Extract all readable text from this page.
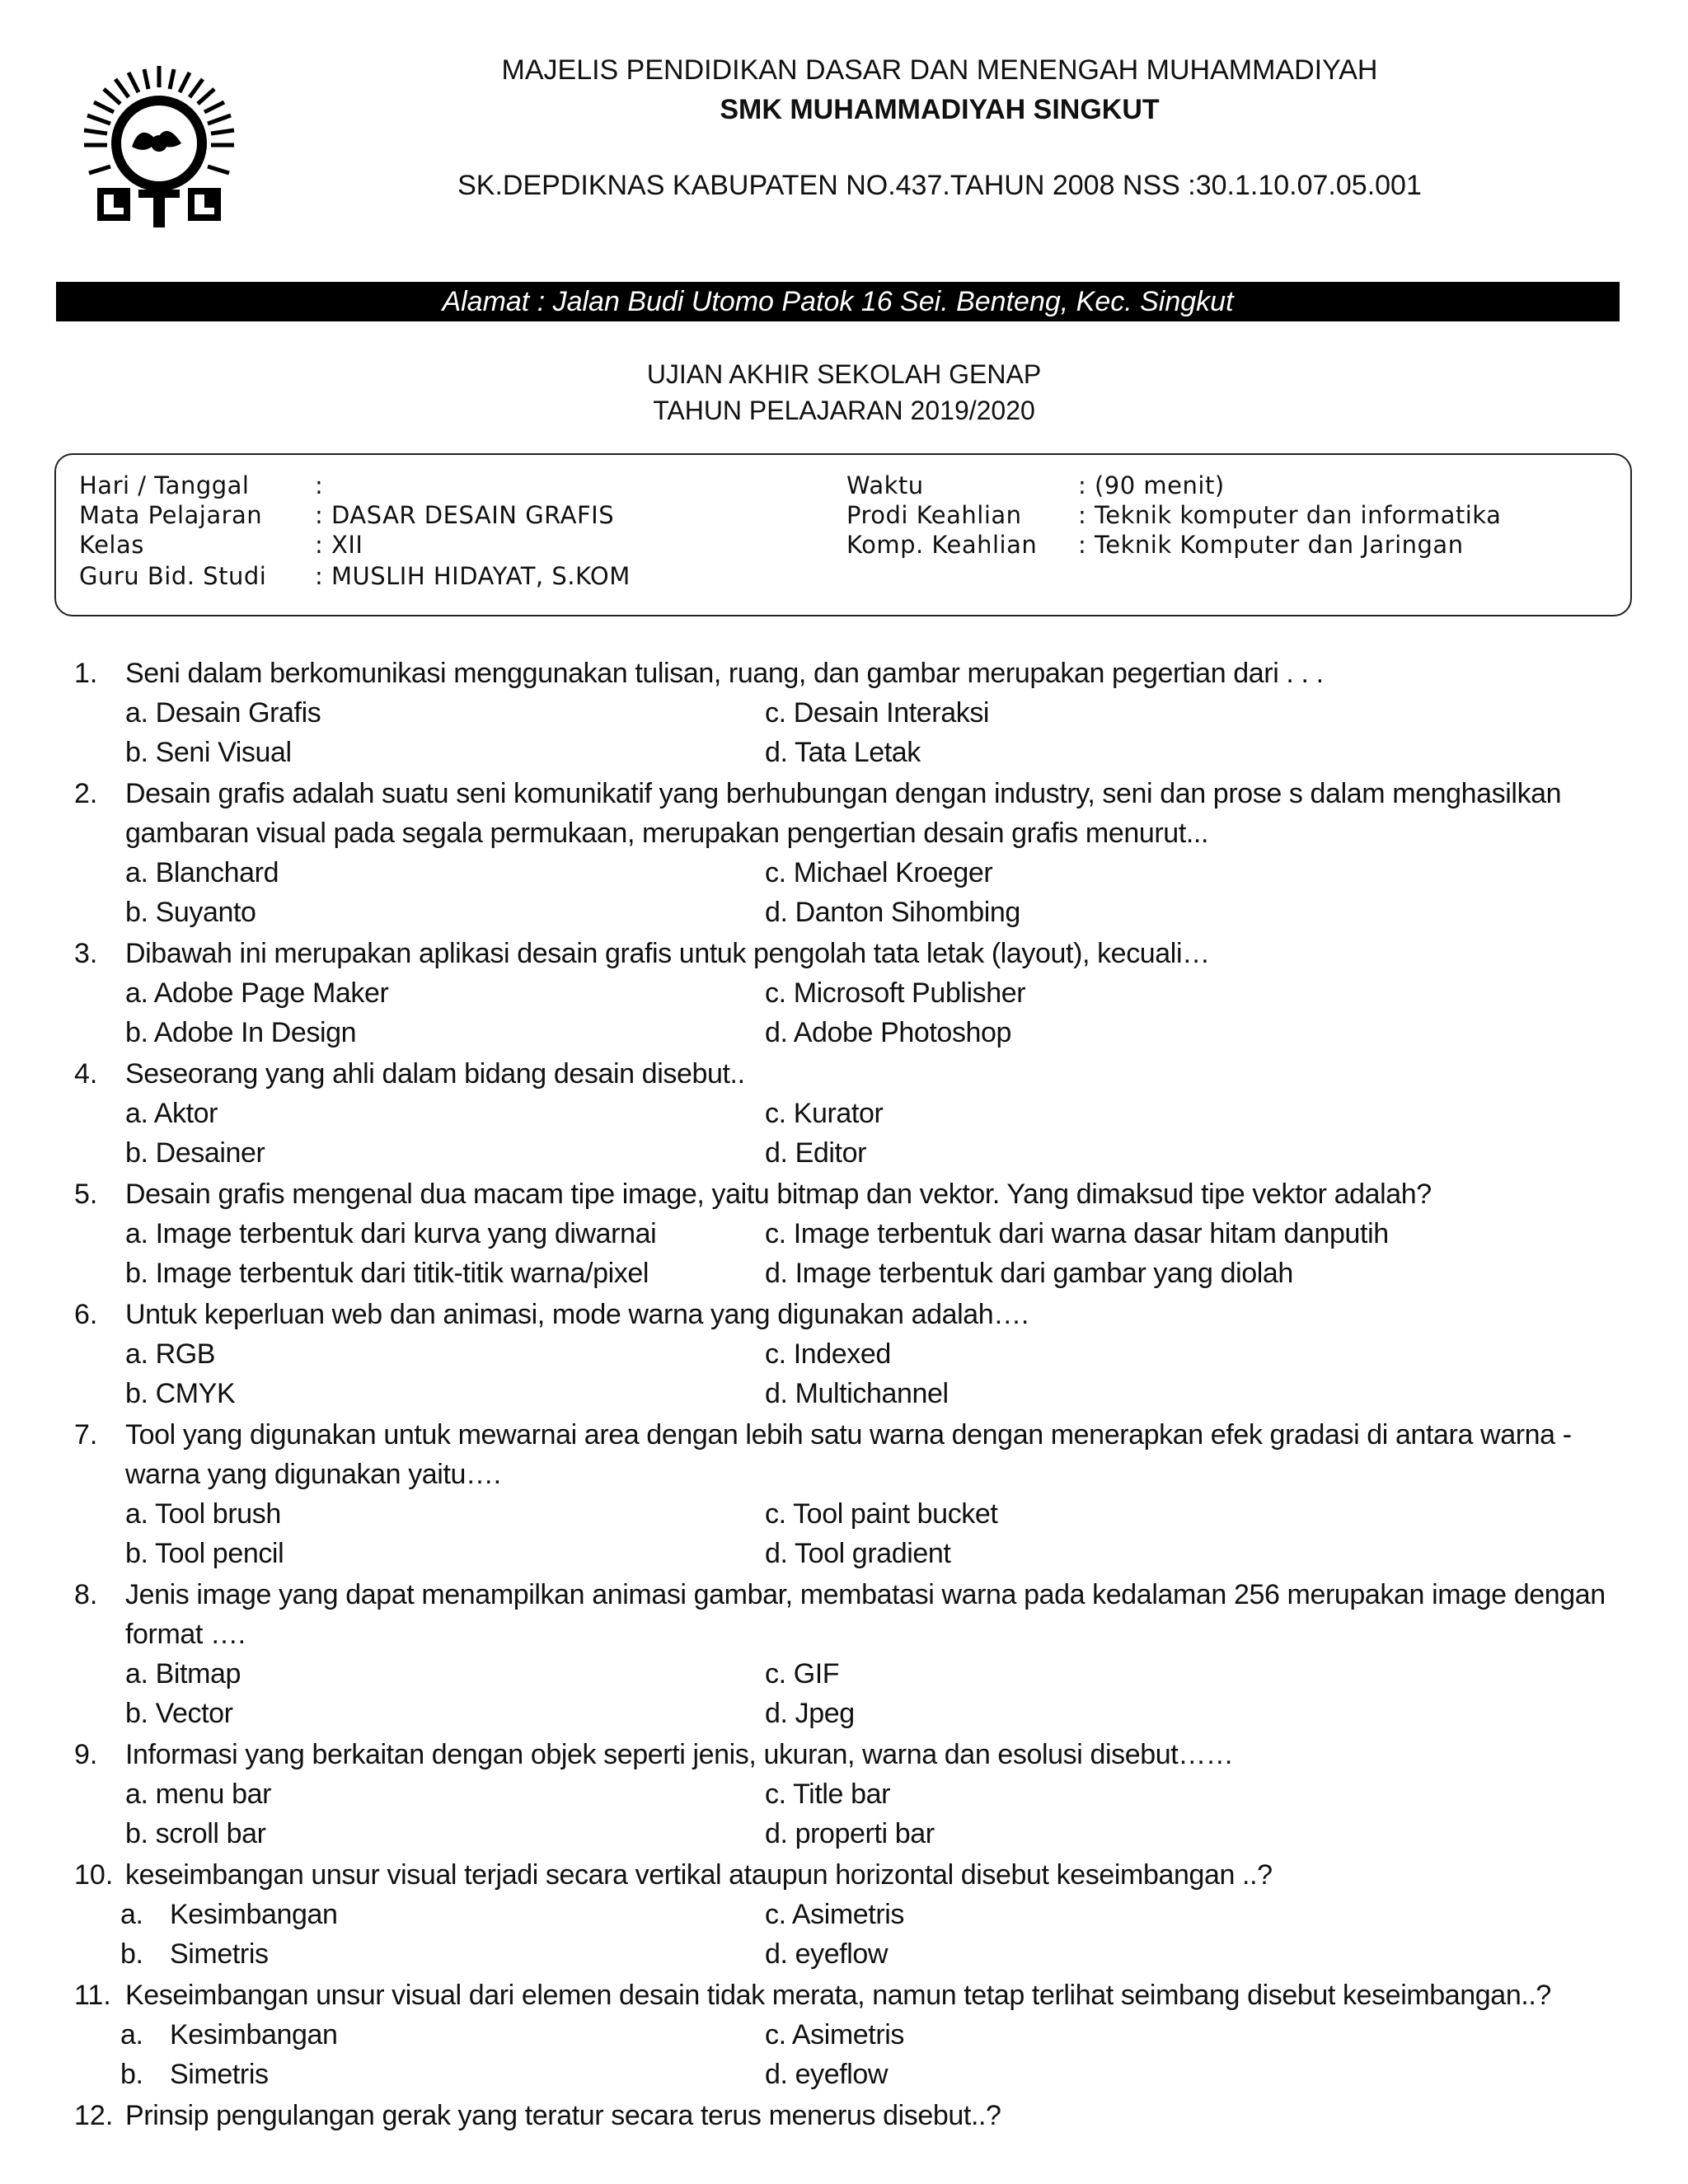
MAJELIS PENDIDIKAN DASAR DAN MENENGAH MUHAMMADIYAH
SMK MUHAMMADIYAH SINGKUT
SK.DEPDIKNAS KABUPATEN NO.437.TAHUN 2008 NSS :30.1.10.07.05.001
Alamat : Jalan Budi Utomo Patok 16 Sei. Benteng, Kec. Singkut
UJIAN AKHIR SEKOLAH GENAP
TAHUN PELAJARAN 2019/2020
Hari / Tanggal	:
Mata Pelajaran : DASAR DESAIN GRAFIS
Kelas	: XII
Guru Bid. Studi : MUSLIH HIDAYAT, S.KOM
Waktu	: (90 menit)
Prodi Keahlian : Teknik komputer dan informatika
Komp. Keahlian : Teknik Komputer dan Jaringan
1. Seni dalam berkomunikasi menggunakan tulisan, ruang, dan gambar merupakan pegertian dari . . .
a. Desain Grafis	c. Desain Interaksi
b. Seni Visual	d. Tata Letak
2. Desain grafis adalah suatu seni komunikatif yang berhubungan dengan industry, seni dan prose s dalam menghasilkan
gambaran visual pada segala permukaan, merupakan pengertian desain grafis menurut...
a. Blanchard	c. Michael Kroeger
b. Suyanto	d. Danton Sihombing
3. Dibawah ini merupakan aplikasi desain grafis untuk pengolah tata letak (layout), kecuali…
a. Adobe Page Maker	c. Microsoft Publisher
b. Adobe In Design	d. Adobe Photoshop
4. Seseorang yang ahli dalam bidang desain disebut..
a. Aktor	c. Kurator
b. Desainer	d. Editor
5. Desain grafis mengenal dua macam tipe image, yaitu bitmap dan vektor. Yang dimaksud tipe vektor adalah?
a. Image terbentuk dari kurva yang diwarnai	c. Image terbentuk dari warna dasar hitam danputih
b. Image terbentuk dari titik-titik warna/pixel	d. Image terbentuk dari gambar yang diolah
6. Untuk keperluan web dan animasi, mode warna yang digunakan adalah….
a. RGB	c. Indexed
b. CMYK	d. Multichannel
7. Tool yang digunakan untuk mewarnai area dengan lebih satu warna dengan menerapkan efek gradasi di antara warna -
warna yang digunakan yaitu….
a. Tool brush	c. Tool paint bucket
b. Tool pencil	d. Tool gradient
8. Jenis image yang dapat menampilkan animasi gambar, membatasi warna pada kedalaman 256 merupakan image dengan
format ….
a. Bitmap	c. GIF
b. Vector	d. Jpeg
9. Informasi yang berkaitan dengan objek seperti jenis, ukuran, warna dan esolusi disebut……
a. menu bar	c. Title bar
b. scroll bar	d. properti bar
10. keseimbangan unsur visual terjadi secara vertikal ataupun horizontal disebut keseimbangan ..?
a. Kesimbangan	c. Asimetris
b. Simetris	d. eyeflow
11. Keseimbangan unsur visual dari elemen desain tidak merata, namun tetap terlihat seimbang disebut keseimbangan..?
a. Kesimbangan	c. Asimetris
b. Simetris	d. eyeflow
12. Prinsip pengulangan gerak yang teratur secara terus menerus disebut..?
